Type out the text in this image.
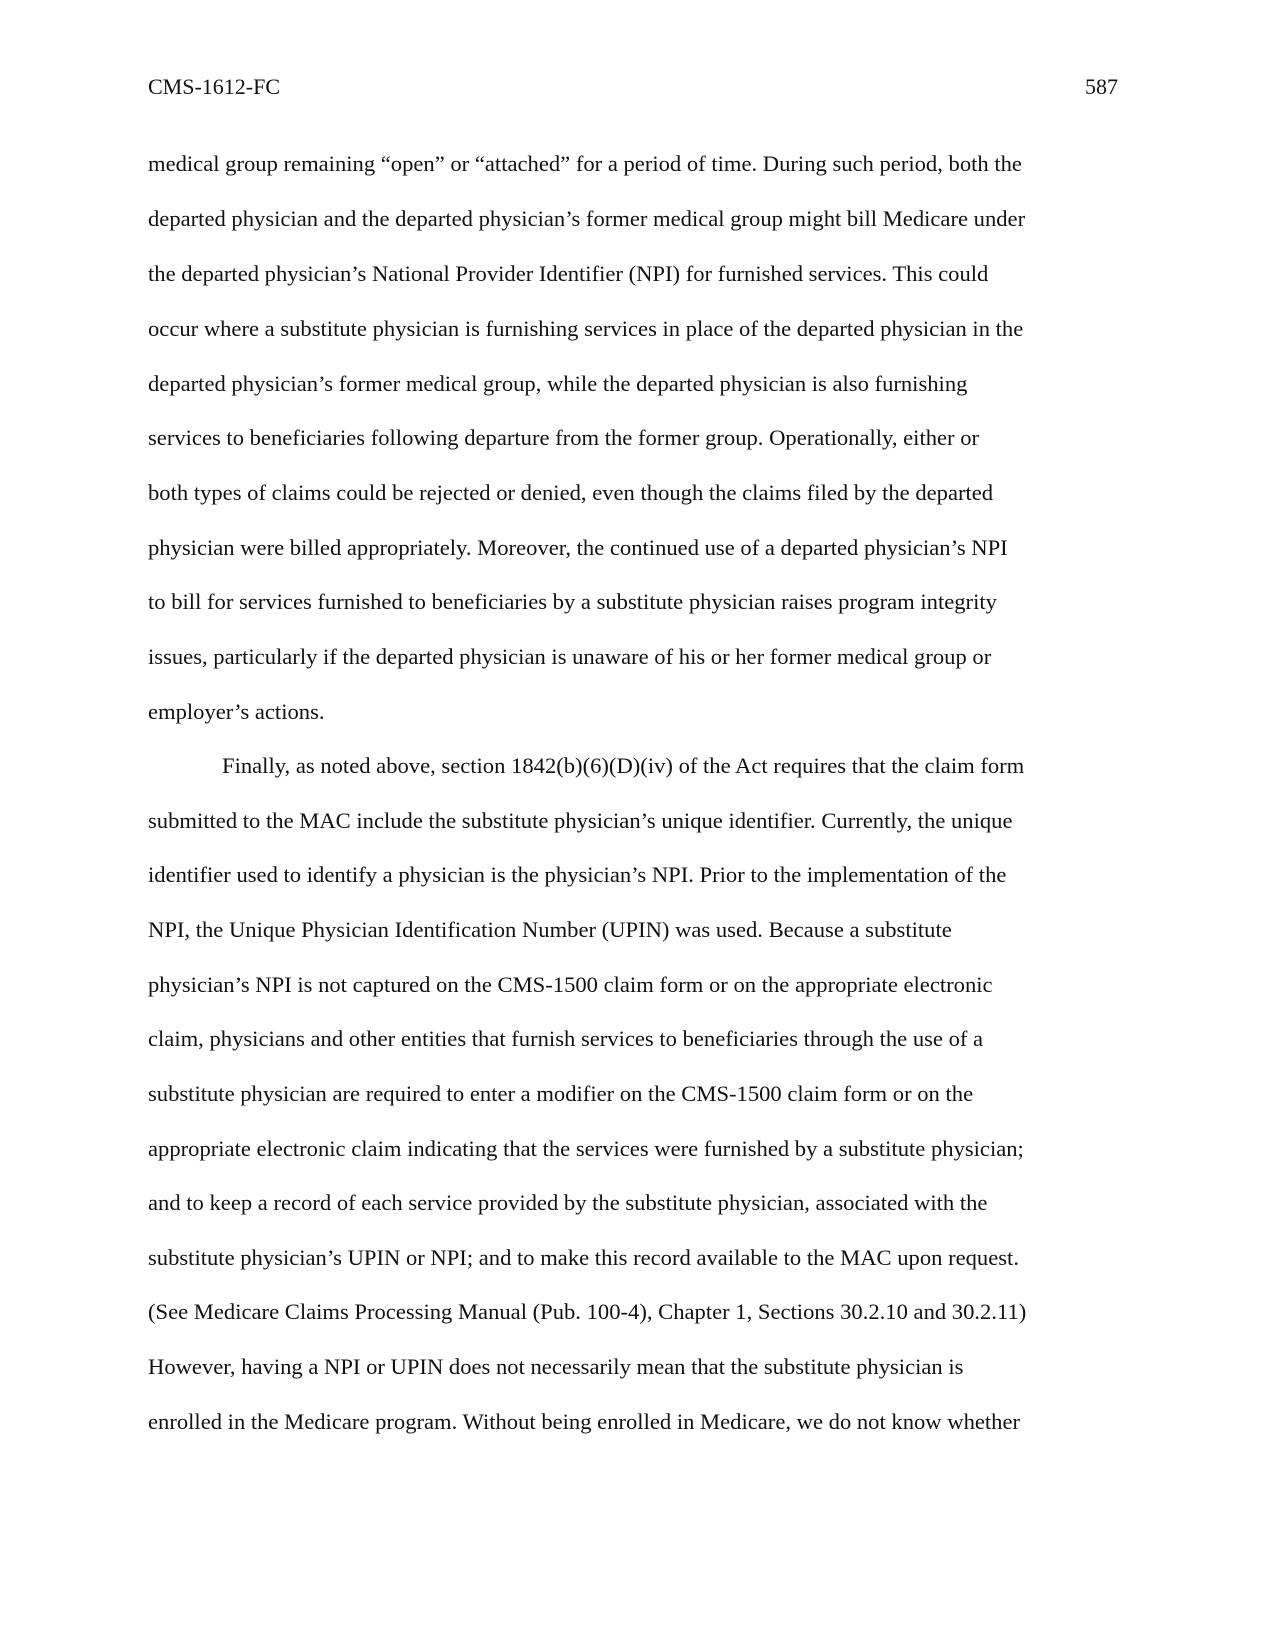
CMS-1612-FC	587
medical group remaining “open” or “attached” for a period of time. During such period, both the
departed physician and the departed physician’s former medical group might bill Medicare under
the departed physician’s National Provider Identifier (NPI) for furnished services. This could
occur where a substitute physician is furnishing services in place of the departed physician in the
departed physician’s former medical group, while the departed physician is also furnishing
services to beneficiaries following departure from the former group. Operationally, either or
both types of claims could be rejected or denied, even though the claims filed by the departed
physician were billed appropriately. Moreover, the continued use of a departed physician’s NPI
to bill for services furnished to beneficiaries by a substitute physician raises program integrity
issues, particularly if the departed physician is unaware of his or her former medical group or
employer’s actions.
Finally, as noted above, section 1842(b)(6)(D)(iv) of the Act requires that the claim form
submitted to the MAC include the substitute physician’s unique identifier. Currently, the unique
identifier used to identify a physician is the physician’s NPI. Prior to the implementation of the
NPI, the Unique Physician Identification Number (UPIN) was used. Because a substitute
physician’s NPI is not captured on the CMS-1500 claim form or on the appropriate electronic
claim, physicians and other entities that furnish services to beneficiaries through the use of a
substitute physician are required to enter a modifier on the CMS-1500 claim form or on the
appropriate electronic claim indicating that the services were furnished by a substitute physician;
and to keep a record of each service provided by the substitute physician, associated with the
substitute physician’s UPIN or NPI; and to make this record available to the MAC upon request.
(See Medicare Claims Processing Manual (Pub. 100-4), Chapter 1, Sections 30.2.10 and 30.2.11)
However, having a NPI or UPIN does not necessarily mean that the substitute physician is
enrolled in the Medicare program. Without being enrolled in Medicare, we do not know whether
